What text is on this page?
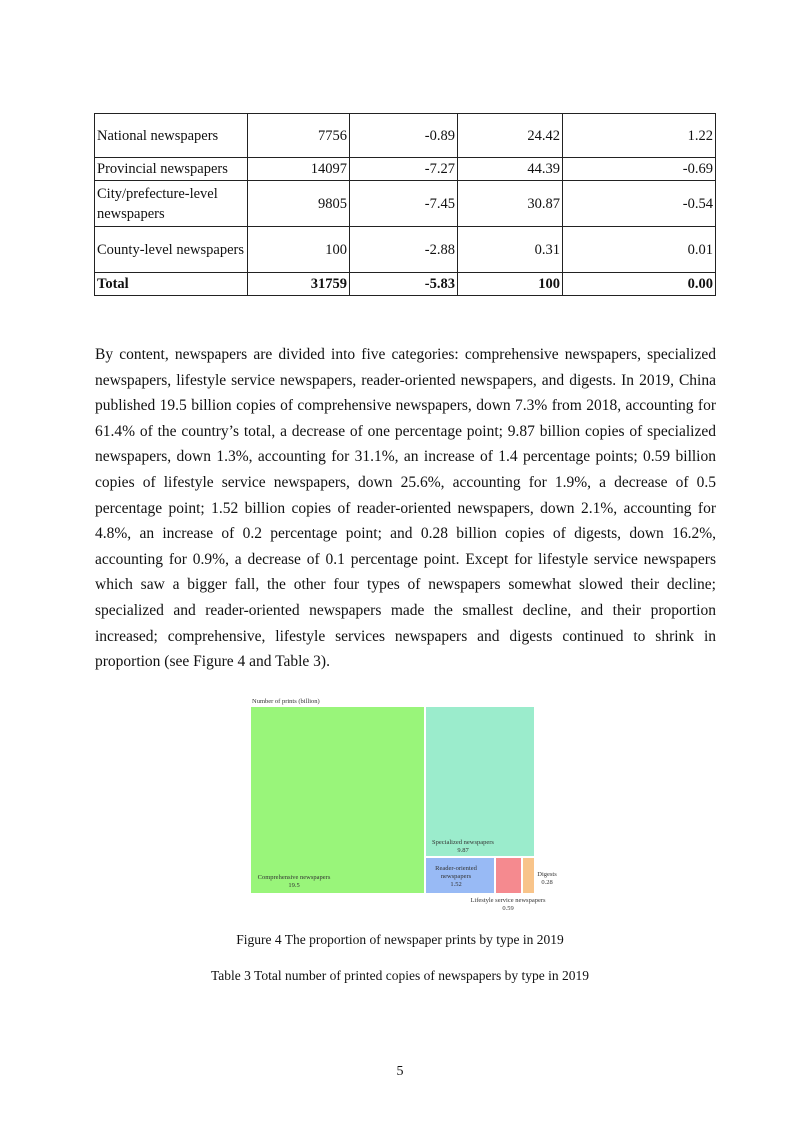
National newspapers	7756	-0.89	24.42	1.22
Provincial newspapers	14097	-7.27	44.39	-0.69
City/prefecture-level newspapers	9805	-7.45	30.87	-0.54
County-level newspapers	100	-2.88	0.31	0.01
Total	31759	-5.83	100	0.00

By content, newspapers are divided into five categories: comprehensive newspapers, specialized newspapers, lifestyle service newspapers, reader-oriented newspapers, and digests. In 2019, China published 19.5 billion copies of comprehensive newspapers, down 7.3% from 2018, accounting for 61.4% of the country’s total, a decrease of one percentage point; 9.87 billion copies of specialized newspapers, down 1.3%, accounting for 31.1%, an increase of 1.4 percentage points; 0.59 billion copies of lifestyle service newspapers, down 25.6%, accounting for 1.9%, a decrease of 0.5 percentage point; 1.52 billion copies of reader-oriented newspapers, down 2.1%, accounting for 4.8%, an increase of 0.2 percentage point; and 0.28 billion copies of digests, down 16.2%, accounting for 0.9%, a decrease of 0.1 percentage point. Except for lifestyle service newspapers which saw a bigger fall, the other four types of newspapers somewhat slowed their decline; specialized and reader-oriented newspapers made the smallest decline, and their proportion increased; comprehensive, lifestyle services newspapers and digests continued to shrink in proportion (see Figure 4 and Table 3).

Number of prints (billion)
Comprehensive newspapers
19.5
Specialized newspapers
9.87
Reader-oriented
newspapers
1.52
Digests
0.28
Lifestyle service newspapers
0.59
Figure 4 The proportion of newspaper prints by type in 2019
Table 3 Total number of printed copies of newspapers by type in 2019
5
